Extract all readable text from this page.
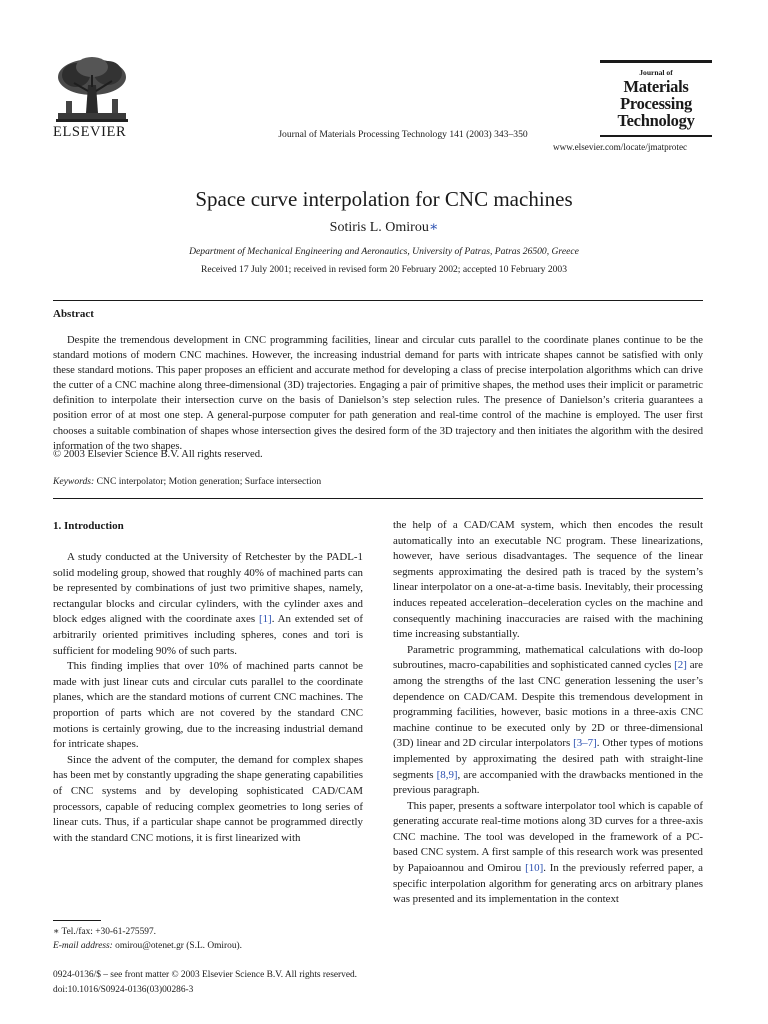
ELSEVIER	Journal of Materials Processing Technology 141 (2003) 343–350
Journal of
Materials
Processing
Technology
www.elsevier.com/locate/jmatprotec
Space curve interpolation for CNC machines
Sotiris L. Omirou∗
Department of Mechanical Engineering and Aeronautics, University of Patras, Patras 26500, Greece
Received 17 July 2001; received in revised form 20 February 2002; accepted 10 February 2003
Abstract
Despite the tremendous development in CNC programming facilities, linear and circular cuts parallel to the coordinate planes continue to be the standard motions of modern CNC machines. However, the increasing industrial demand for parts with intricate shapes cannot be satisfied with only these standard motions. This paper proposes an efficient and accurate method for developing a class of precise interpolation algorithms which can drive the cutter of a CNC machine along three-dimensional (3D) trajectories. Engaging a pair of primitive shapes, the method uses their implicit or parametric definition to interpolate their intersection curve on the basis of Danielson’s step selection rules. The presence of Danielson’s criteria guarantees a position error of at most one step. A general-purpose computer for path generation and real-time control of the machine is employed. The user first chooses a suitable combination of shapes whose intersection gives the desired form of the 3D trajectory and then initiates the algorithm with the desired information of the two shapes.
© 2003 Elsevier Science B.V. All rights reserved.
Keywords: CNC interpolator; Motion generation; Surface intersection
1. Introduction

A study conducted at the University of Retchester by the PADL-1 solid modeling group, showed that roughly 40% of machined parts can be represented by combinations of just two primitive shapes, namely, rectangular blocks and circular cylinders, with the cylinder axes and block edges aligned with the coordinate axes [1]. An extended set of arbitrarily oriented primitives including spheres, cones and tori is sufficient for modeling 90% of such parts.

This finding implies that over 10% of machined parts cannot be made with just linear cuts and circular cuts parallel to the coordinate planes, which are the standard motions of current CNC machines. The proportion of parts which are not covered by the standard CNC motions is certainly growing, due to the increasing industrial demand for intricate shapes.

Since the advent of the computer, the demand for complex shapes has been met by constantly upgrading the shape generating capabilities of CNC systems and by developing sophisticated CAD/CAM processors, capable of reducing complex geometries to long series of linear cuts. Thus, if a particular shape cannot be programmed directly with the standard CNC motions, it is first linearized with

the help of a CAD/CAM system, which then encodes the result automatically into an executable NC program. These linearizations, however, have serious disadvantages. The sequence of the linear segments approximating the desired path is traced by the system’s linear interpolator on a one-at-a-time basis. Inevitably, their processing induces repeated acceleration–deceleration cycles on the machine and consequently machining inaccuracies are raised with the machining time increasing substantially.

Parametric programming, mathematical calculations with do-loop subroutines, macro-capabilities and sophisticated canned cycles [2] are among the strengths of the last CNC generation lessening the user’s dependence on CAD/CAM. Despite this tremendous development in programming facilities, however, basic motions in a three-axis CNC machine continue to be executed only by 2D or three-dimensional (3D) linear and 2D circular interpolators [3–7]. Other types of motions implemented by approximating the desired path with straight-line segments [8,9], are accompanied with the drawbacks mentioned in the previous paragraph.

This paper, presents a software interpolator tool which is capable of generating accurate real-time motions along 3D curves for a three-axis CNC machine. The tool was developed in the framework of a PC-based CNC system. A first sample of this research work was presented by Papaioannou and Omirou [10]. In the previously referred paper, a specific interpolation algorithm for generating arcs on arbitrary planes was presented and its implementation in the context

∗ Tel./fax: +30-61-275597.
E-mail address: omirou@otenet.gr (S.L. Omirou).
0924-0136/$ – see front matter © 2003 Elsevier Science B.V. All rights reserved.
doi:10.1016/S0924-0136(03)00286-3
